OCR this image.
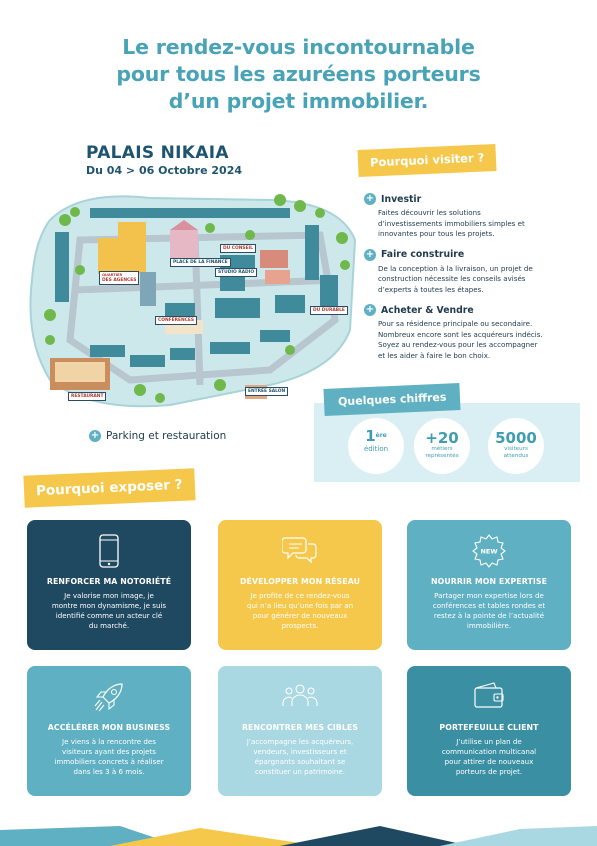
Le rendez-vous incontournable
pour tous les azuréens porteurs
d’un projet immobilier.
PALAIS NIKAIA
Du 04 > 06 Octobre 2024
QUARTIER
DES AGENCES
PLACE DE LA FINANCE
DU CONSEIL
STUDIO RADIO
CONFÉRENCES
DU DURABLE
RESTAURANT
ENTRÉE SALON
+ Parking et restauration
Pourquoi visiter ?
+ Investir
Faites découvrir les solutions
d’investissements immobiliers simples et
innovantes pour tous les projets.
+ Faire construire
De la conception à la livraison, un projet de
construction nécessite les conseils avisés
d’experts à toutes les étapes.
+ Acheter & Vendre
Pour sa résidence principale ou secondaire.
Nombreux encore sont les acquéreurs indécis.
Soyez au rendez-vous pour les accompagner
et les aider à faire le bon choix.
Quelques chiffres
1ère
édition
+20
métiers
représentés
5000
visiteurs
attendus
Pourquoi exposer ?
RENFORCER MA NOTORIÉTÉ
Je valorise mon image, je
montre mon dynamisme, je suis
identifié comme un acteur clé
du marché.
DÉVELOPPER MON RÉSEAU
Je profite de ce rendez-vous
qui n’a lieu qu’une fois par an
pour générer de nouveaux
prospects.
NEW
NOURRIR MON EXPERTISE
Partager mon expertise lors de
conférences et tables rondes et
restez à la pointe de l’actualité
immobilière.
ACCÉLÉRER MON BUSINESS
Je viens à la rencontre des
visiteurs ayant des projets
immobiliers concrets à réaliser
dans les 3 à 6 mois.
RENCONTRER MES CIBLES
J’accompagne les acquéreurs,
vendeurs, investisseurs et
épargnants souhaitant se
constituer un patrimoine.
PORTEFEUILLE CLIENT
J’utilise un plan de
communication multicanal
pour attirer de nouveaux
porteurs de projet.
